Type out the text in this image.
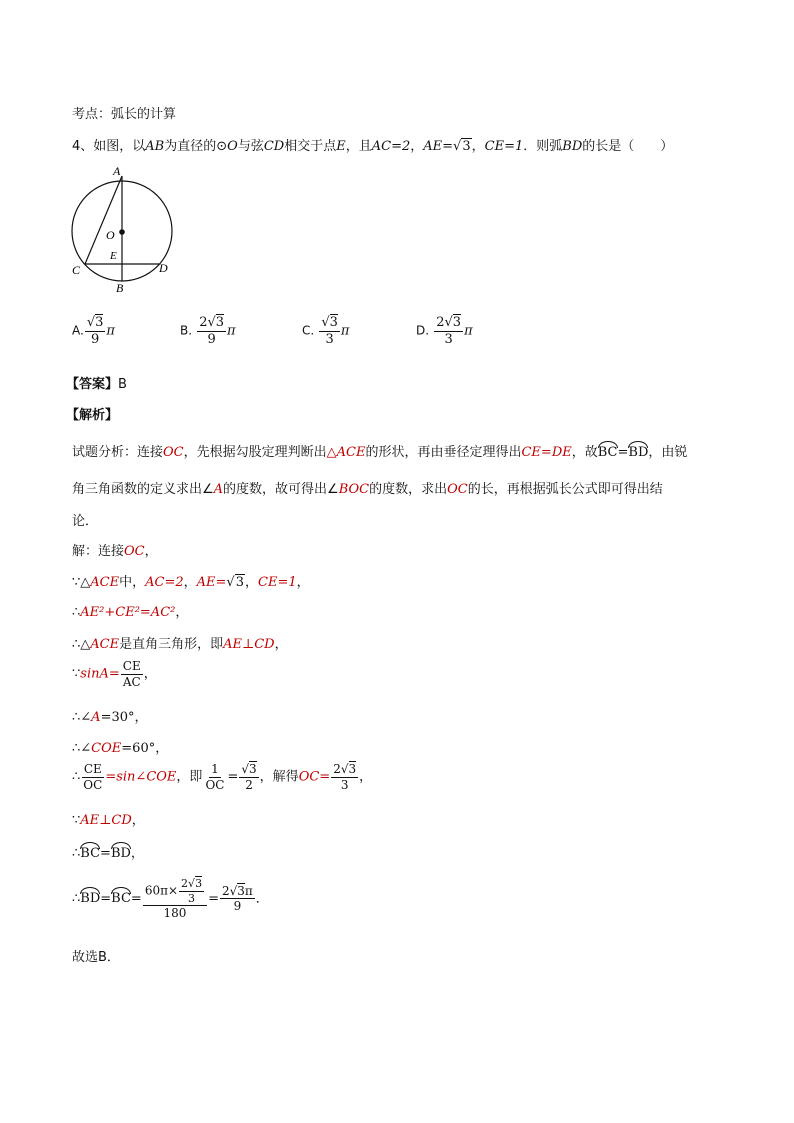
考点：弧长的计算
4、如图，以AB为直径的⊙O与弦CD相交于点E，且AC=2，AE=√3，CE=1．则弧BD的长是（　　）
A
O
E
C	D
B
A. $\frac{√3}{9}$ π	B. $\frac{2√3}{9}$ π	C. $\frac{√3}{3}$ π	D. $\frac{2√3}{3}$ π
【答案】B
【解析】
试题分析：连接OC，先根据勾股定理判断出△ACE的形状，再由垂径定理得出CE=DE，故BC=BD，由锐
角三角函数的定义求出∠A的度数，故可得出∠BOC的度数，求出OC的长，再根据弧长公式即可得出结
论．
解：连接OC，
∵△ACE中，AC=2，AE=√3，CE=1，
∴AE²+CE²=AC²，
∴△ACE是直角三角形，即AE⊥CD，
∵sinA= $\frac{CE}{AC}$ ，
∴∠A=30°，
∴∠COE=60°，
∴ $\frac{CE}{OC}$ =sin∠COE，即 $\frac{1}{OC} = \frac{√3}{2}$ ，解得$OC= \frac{2√3}{3}$ ，
∵AE⊥CD，
∴BC=BD，
∴BD=BC= $\frac{60\pi\times \frac{2√3}{3}}{180} = \frac{2√3\pi}{9}$ ．
故选B．
